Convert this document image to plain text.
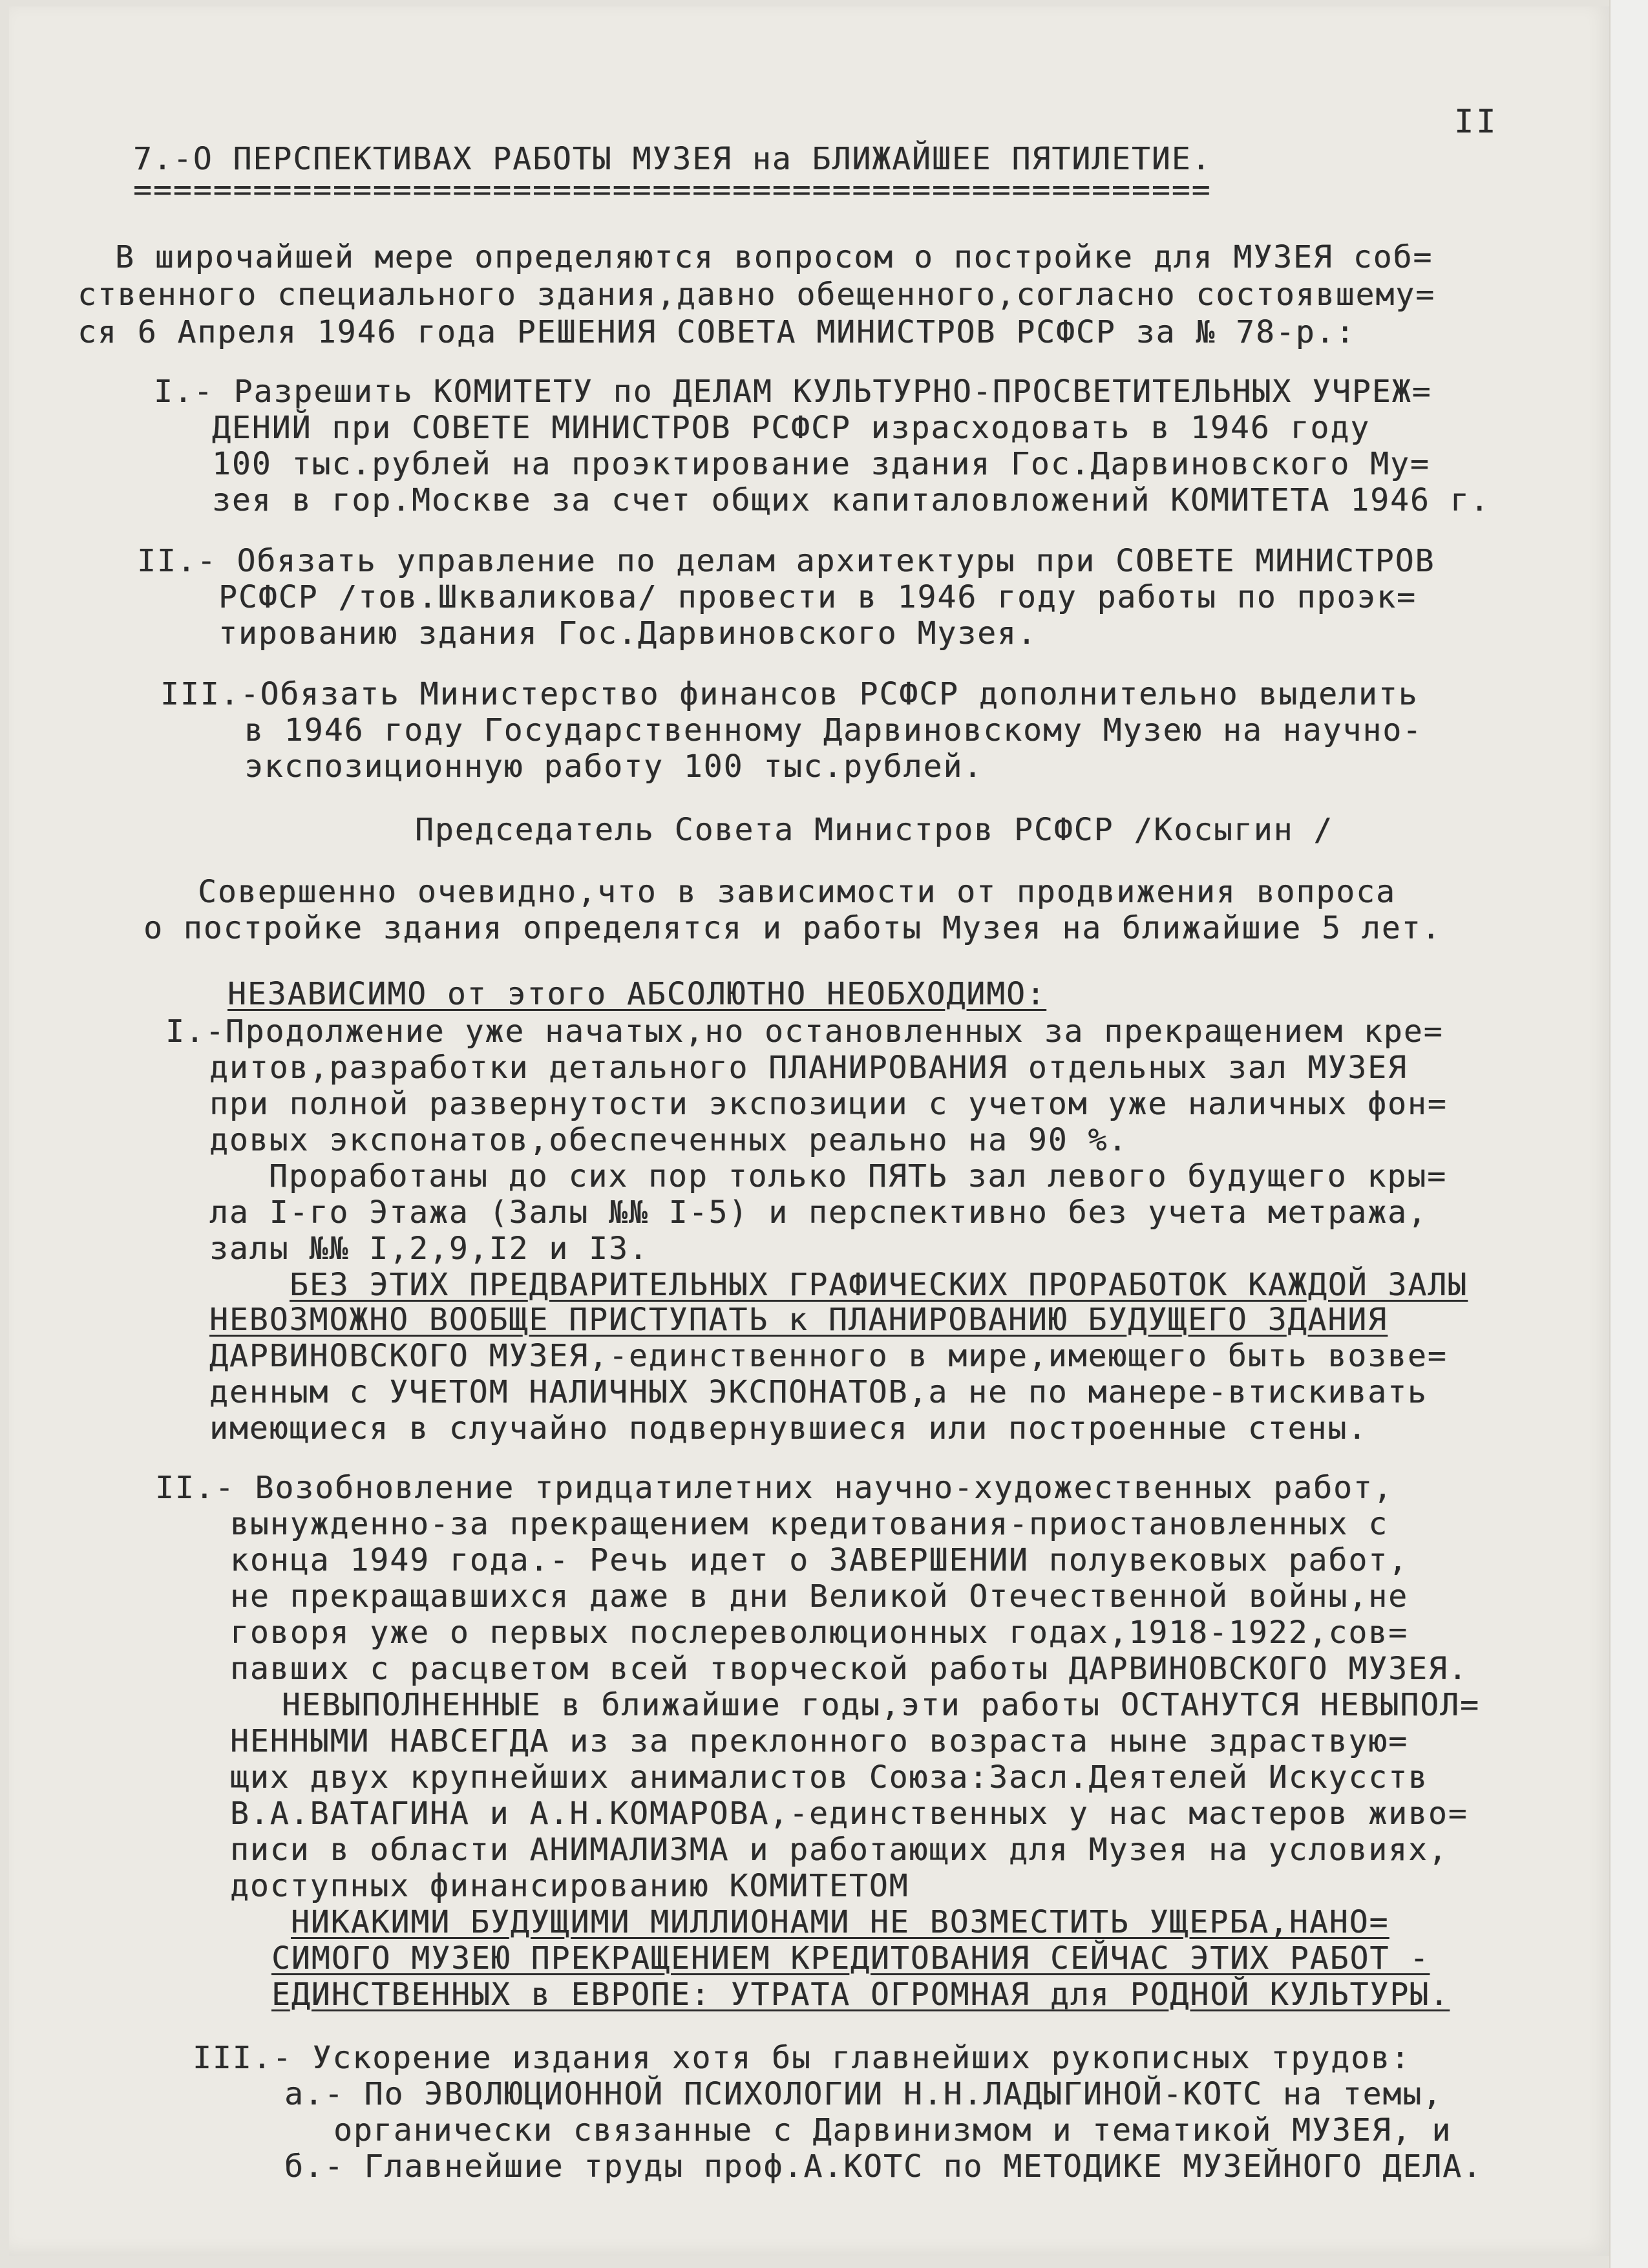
II
7.-О ПЕРСПЕКТИВАХ РАБОТЫ МУЗЕЯ на БЛИЖАЙШЕЕ ПЯТИЛЕТИЕ.
======================================================
В широчайшей мере определяются вопросом о постройке для МУЗЕЯ соб=
ственного специального здания,давно обещенного,согласно состоявшему=
ся 6 Апреля 1946 года РЕШЕНИЯ СОВЕТА МИНИСТРОВ РСФСР за № 78-р.:
I.- Разрешить КОМИТЕТУ по ДЕЛАМ КУЛЬТУРНО-ПРОСВЕТИТЕЛЬНЫХ УЧРЕЖ=
ДЕНИЙ при СОВЕТЕ МИНИСТРОВ РСФСР израсходовать в 1946 году
100 тыс.рублей на проэктирование здания Гос.Дарвиновского Му=
зея в гор.Москве за счет общих капиталовложений КОМИТЕТА 1946 г.
II.- Обязать управление по делам архитектуры при СОВЕТЕ МИНИСТРОВ
РСФСР /тов.Шкваликова/ провести в 1946 году работы по проэк=
тированию здания Гос.Дарвиновского Музея.
III.-Обязать Министерство финансов РСФСР дополнительно выделить
в 1946 году Государственному Дарвиновскому Музею на научно-
экспозиционную работу 100 тыс.рублей.
Председатель Совета Министров РСФСР /Косыгин /
Совершенно очевидно,что в зависимости от продвижения вопроса
о постройке здания определятся и работы Музея на ближайшие 5 лет.
НЕЗАВИСИМО от этого АБСОЛЮТНО НЕОБХОДИМО:
I.-Продолжение уже начатых,но остановленных за прекращением кре=
дитов,разработки детального ПЛАНИРОВАНИЯ отдельных зал МУЗЕЯ
при полной развернутости экспозиции с учетом уже наличных фон=
довых экспонатов,обеспеченных реально на 90 %.
Проработаны до сих пор только ПЯТЬ зал левого будущего кры=
ла I-го Этажа (Залы №№ I-5) и перспективно без учета метража,
залы №№ I,2,9,I2 и I3.
БЕЗ ЭТИХ ПРЕДВАРИТЕЛЬНЫХ ГРАФИЧЕСКИХ ПРОРАБОТОК КАЖДОЙ ЗАЛЫ
НЕВОЗМОЖНО ВООБЩЕ ПРИСТУПАТЬ к ПЛАНИРОВАНИЮ БУДУЩЕГО ЗДАНИЯ
ДАРВИНОВСКОГО МУЗЕЯ,-единственного в мире,имеющего быть возве=
денным с УЧЕТОМ НАЛИЧНЫХ ЭКСПОНАТОВ,а не по манере-втискивать
имеющиеся в случайно подвернувшиеся или построенные стены.
II.- Возобновление тридцатилетних научно-художественных работ,
вынужденно-за прекращением кредитования-приостановленных с
конца 1949 года.- Речь идет о ЗАВЕРШЕНИИ полувековых работ,
не прекращавшихся даже в дни Великой Отечественной войны,не
говоря уже о первых послереволюционных годах,1918-1922,сов=
павших с расцветом всей творческой работы ДАРВИНОВСКОГО МУЗЕЯ.
НЕВЫПОЛНЕННЫЕ в ближайшие годы,эти работы ОСТАНУТСЯ НЕВЫПОЛ=
НЕННЫМИ НАВСЕГДА из за преклонного возраста ныне здраствую=
щих двух крупнейших анималистов Союза:Засл.Деятелей Искусств
В.А.ВАТАГИНА и А.Н.КОМАРОВА,-единственных у нас мастеров живо=
писи в области АНИМАЛИЗМА и работающих для Музея на условиях,
доступных финансированию КОМИТЕТОМ
НИКАКИМИ БУДУЩИМИ МИЛЛИОНАМИ НЕ ВОЗМЕСТИТЬ УЩЕРБА,НАНО=
СИМОГО МУЗЕЮ ПРЕКРАЩЕНИЕМ КРЕДИТОВАНИЯ СЕЙЧАС ЭТИХ РАБОТ -
ЕДИНСТВЕННЫХ в ЕВРОПЕ: УТРАТА ОГРОМНАЯ для РОДНОЙ КУЛЬТУРЫ.
III.- Ускорение издания хотя бы главнейших рукописных трудов:
а.- По ЭВОЛЮЦИОННОЙ ПСИХОЛОГИИ Н.Н.ЛАДЫГИНОЙ-КОТС на темы,
органически связанные с Дарвинизмом и тематикой МУЗЕЯ, и
б.- Главнейшие труды проф.А.КОТС по МЕТОДИКЕ МУЗЕЙНОГО ДЕЛА.
